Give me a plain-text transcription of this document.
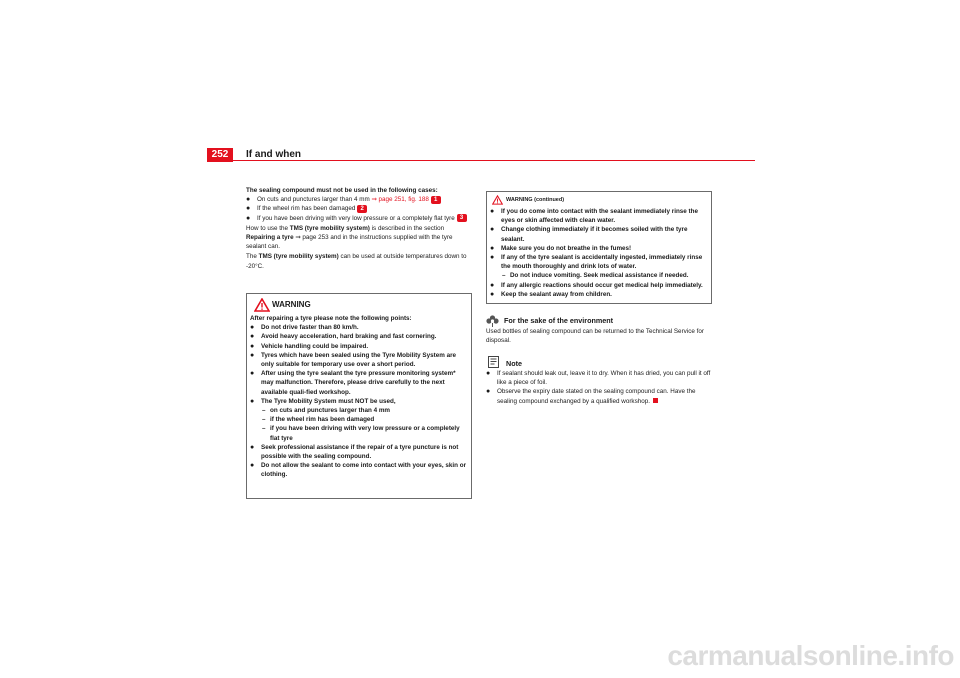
252	If and when
The sealing compound must not be used in the following cases:
● On cuts and punctures larger than 4 mm ⇒ page 251, fig. 188 1
● If the wheel rim has been damaged 2
● If you have been driving with very low pressure or a completely flat tyre 3
How to use the TMS (tyre mobility system) is described in the section Repairing a tyre ⇒ page 253 and in the instructions supplied with the tyre sealant can.
The TMS (tyre mobility system) can be used at outside temperatures down to -20°C.
WARNING
After repairing a tyre please note the following points:
● Do not drive faster than 80 km/h.
● Avoid heavy acceleration, hard braking and fast cornering.
● Vehicle handling could be impaired.
● Tyres which have been sealed using the Tyre Mobility System are only suitable for temporary use over a short period.
● After using the tyre sealant the tyre pressure monitoring system* may malfunction. Therefore, please drive carefully to the next available quali-fied workshop.
● The Tyre Mobility System must NOT be used,
– on cuts and punctures larger than 4 mm
– if the wheel rim has been damaged
– if you have been driving with very low pressure or a completely flat tyre
● Seek professional assistance if the repair of a tyre puncture is not possible with the sealing compound.
● Do not allow the sealant to come into contact with your eyes, skin or clothing.
WARNING (continued)
● If you do come into contact with the sealant immediately rinse the eyes or skin affected with clean water.
● Change clothing immediately if it becomes soiled with the tyre sealant.
● Make sure you do not breathe in the fumes!
● If any of the tyre sealant is accidentally ingested, immediately rinse the mouth thoroughly and drink lots of water.
– Do not induce vomiting. Seek medical assistance if needed.
● If any allergic reactions should occur get medical help immediately.
● Keep the sealant away from children.
For the sake of the environment
Used bottles of sealing compound can be returned to the Technical Service for disposal.
Note
● If sealant should leak out, leave it to dry. When it has dried, you can pull it off like a piece of foil.
● Observe the expiry date stated on the sealing compound can. Have the sealing compound exchanged by a qualified workshop.
carmanualsonline.info
